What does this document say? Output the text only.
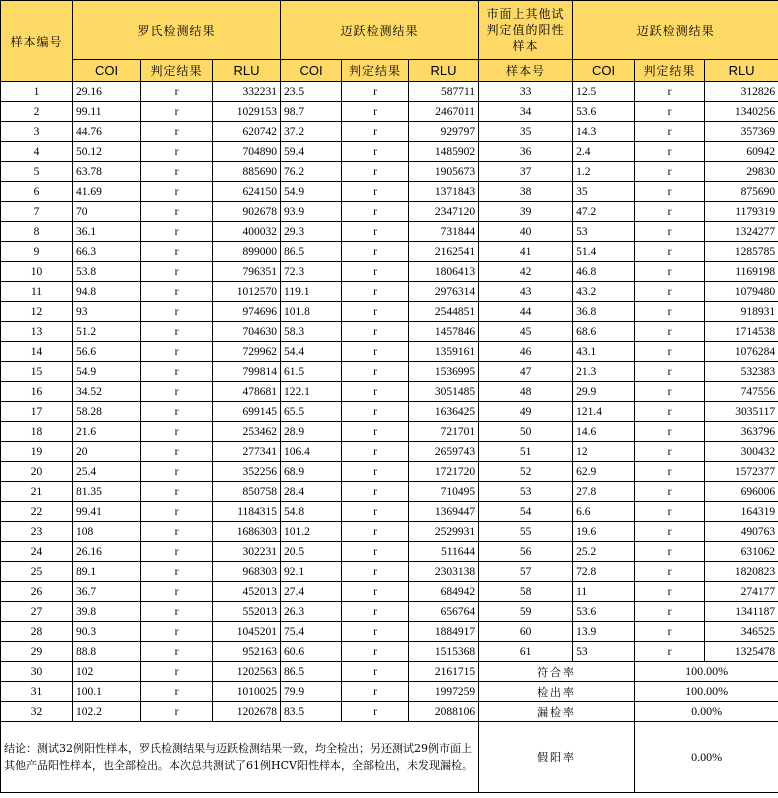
样本编号	罗氏检测结果			迈跃检测结果			市面上其他试判定值的阳性样本	迈跃检测结果		
	COI	判定结果	RLU	COI	判定结果	RLU	样本号	COI	判定结果	RLU
1	29.16	r	332231	23.5	r	587711	33	12.5	r	312826
2	99.11	r	1029153	98.7	r	2467011	34	53.6	r	1340256
3	44.76	r	620742	37.2	r	929797	35	14.3	r	357369
4	50.12	r	704890	59.4	r	1485902	36	2.4	r	60942
5	63.78	r	885690	76.2	r	1905673	37	1.2	r	29830
6	41.69	r	624150	54.9	r	1371843	38	35	r	875690
7	70	r	902678	93.9	r	2347120	39	47.2	r	1179319
8	36.1	r	400032	29.3	r	731844	40	53	r	1324277
9	66.3	r	899000	86.5	r	2162541	41	51.4	r	1285785
10	53.8	r	796351	72.3	r	1806413	42	46.8	r	1169198
11	94.8	r	1012570	119.1	r	2976314	43	43.2	r	1079480
12	93	r	974696	101.8	r	2544851	44	36.8	r	918931
13	51.2	r	704630	58.3	r	1457846	45	68.6	r	1714538
14	56.6	r	729962	54.4	r	1359161	46	43.1	r	1076284
15	54.9	r	799814	61.5	r	1536995	47	21.3	r	532383
16	34.52	r	478681	122.1	r	3051485	48	29.9	r	747556
17	58.28	r	699145	65.5	r	1636425	49	121.4	r	3035117
18	21.6	r	253462	28.9	r	721701	50	14.6	r	363796
19	20	r	277341	106.4	r	2659743	51	12	r	300432
20	25.4	r	352256	68.9	r	1721720	52	62.9	r	1572377
21	81.35	r	850758	28.4	r	710495	53	27.8	r	696006
22	99.41	r	1184315	54.8	r	1369447	54	6.6	r	164319
23	108	r	1686303	101.2	r	2529931	55	19.6	r	490763
24	26.16	r	302231	20.5	r	511644	56	25.2	r	631062
25	89.1	r	968303	92.1	r	2303138	57	72.8	r	1820823
26	36.7	r	452013	27.4	r	684942	58	11	r	274177
27	39.8	r	552013	26.3	r	656764	59	53.6	r	1341187
28	90.3	r	1045201	75.4	r	1884917	60	13.9	r	346525
29	88.8	r	952163	60.6	r	1515368	61	53	r	1325478
30	102	r	1202563	86.5	r	2161715	符合率		100.00%	
31	100.1	r	1010025	79.9	r	1997259	检出率		100.00%	
32	102.2	r	1202678	83.5	r	2088106	漏检率		0.00%	
结论：测试32例阳性样本，罗氏检测结果与迈跃检测结果一致，均全检出；另还测试29例市面上其他产品阳性样本，也全部检出。本次总共测试了61例HCV阳性样本，全部检出，未发现漏检。							假阳率		0.00%	
